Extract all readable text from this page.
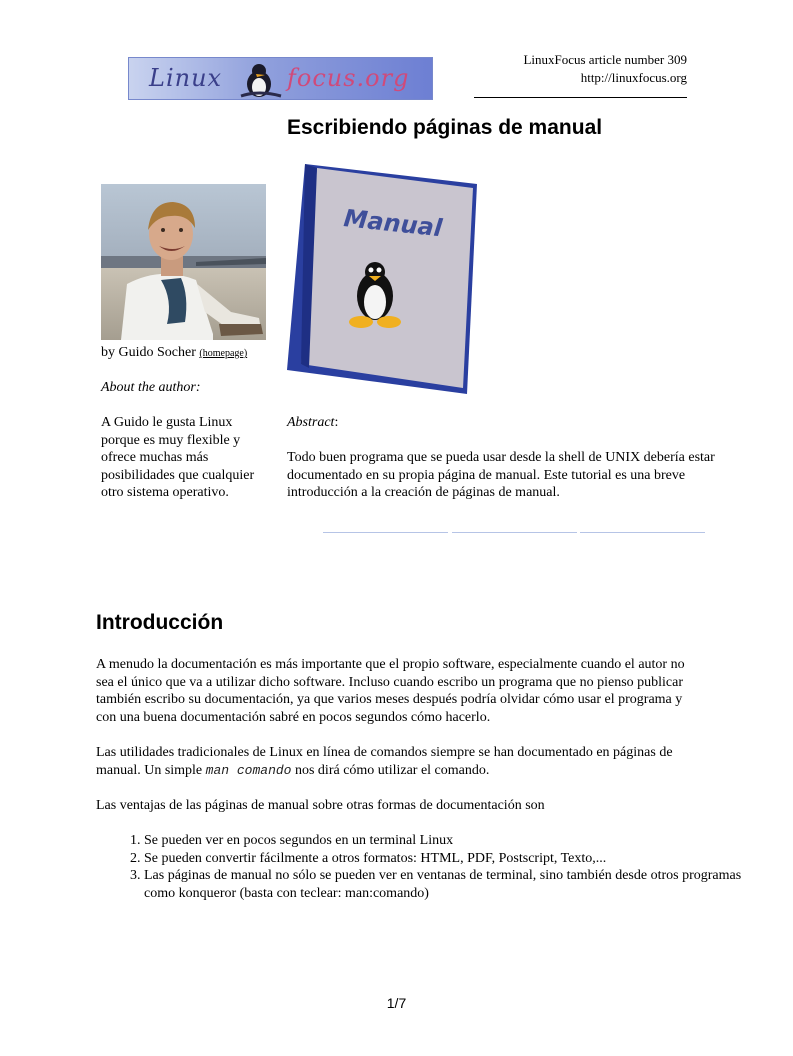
Linux	focus.org
LinuxFocus article number 309
http://linuxfocus.org
Escribiendo páginas de manual
Manual
by Guido Socher (homepage)
About the author:
A Guido le gusta Linux porque es muy flexible y ofrece muchas más posibilidades que cualquier otro sistema operativo.
Abstract:
Todo buen programa que se pueda usar desde la shell de UNIX debería estar documentado en su propia página de manual. Este tutorial es una breve introducción a la creación de páginas de manual.
Introducción
A menudo la documentación es más importante que el propio software, especialmente cuando el autor no sea el único que va a utilizar dicho software. Incluso cuando escribo un programa que no pienso publicar también escribo su documentación, ya que varios meses después podría olvidar cómo usar el programa y con una buena documentación sabré en pocos segundos cómo hacerlo.
Las utilidades tradicionales de Linux en línea de comandos siempre se han documentado en páginas de manual. Un simple man comando nos dirá cómo utilizar el comando.
Las ventajas de las páginas de manual sobre otras formas de documentación son
1. Se pueden ver en pocos segundos en un terminal Linux
2. Se pueden convertir fácilmente a otros formatos: HTML, PDF, Postscript, Texto,...
3. Las páginas de manual no sólo se pueden ver en ventanas de terminal, sino también desde otros programas como konqueror (basta con teclear: man:comando)
1/7
